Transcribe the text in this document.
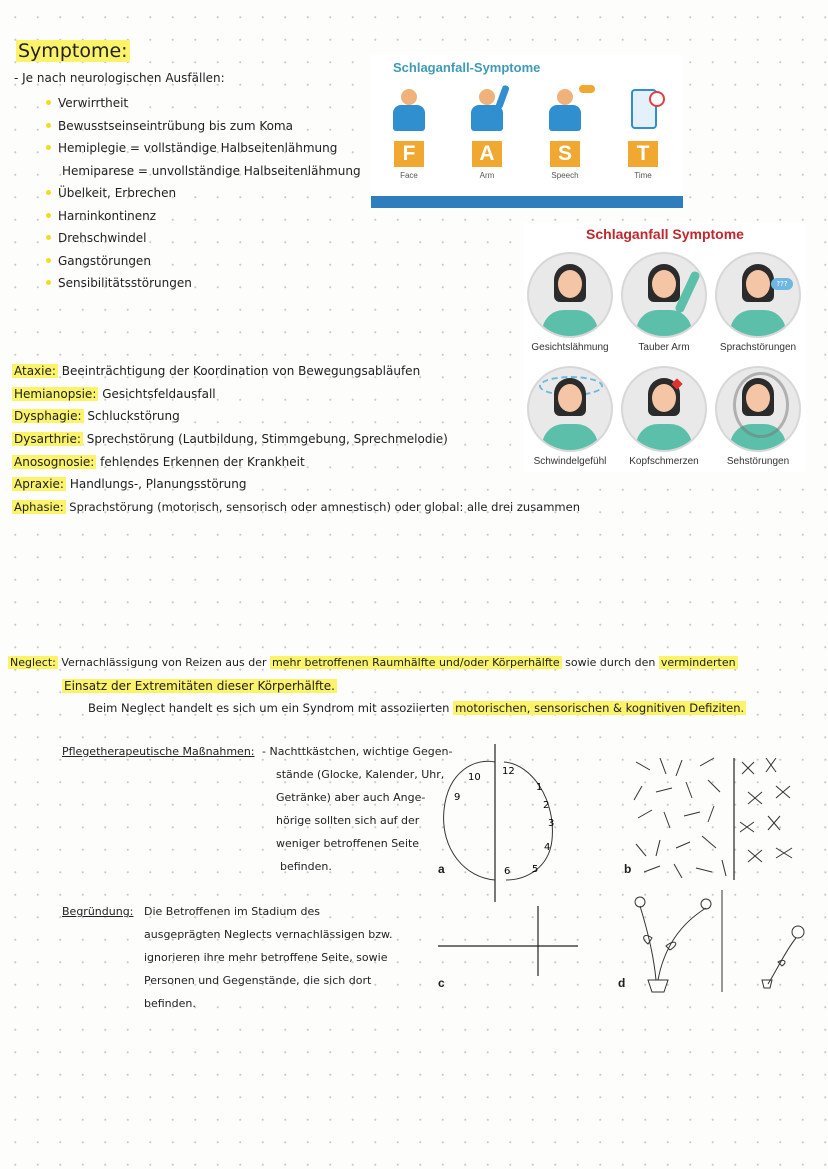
Symptome:
- Je nach neurologischen Ausfällen:
Verwirrtheit
Bewusstseinseintrübung bis zum Koma
Hemiplegie = vollständige Halbseitenlähmung
Hemiparese = unvollständige Halbseitenlähmung
Übelkeit, Erbrechen
Harninkontinenz
Drehschwindel
Gangstörungen
Sensibilitätsstörungen
Schlaganfall-Symptome
F
Face
A
Arm
S
Speech
T
Time
Schlaganfall Symptome
Gesichtslähmung	Tauber Arm
???
Sprachstörungen
Schwindelgefühl	Kopfschmerzen	Sehstörungen
Ataxie: Beeinträchtigung der Koordination von Bewegungsabläufen
Hemianopsie: Gesichtsfeldausfall
Dysphagie: Schluckstörung
Dysarthrie: Sprechstörung (Lautbildung, Stimmgebung, Sprechmelodie)
Anosognosie: fehlendes Erkennen der Krankheit
Apraxie: Handlungs-, Planungsstörung
Aphasie: Sprachstörung (motorisch, sensorisch oder amnestisch) oder global: alle drei zusammen
Neglect: Vernachlässigung von Reizen aus der mehr betroffenen Raumhälfte und/oder Körperhälfte sowie durch den verminderten
Einsatz der Extremitäten dieser Körperhälfte.
Beim Neglect handelt es sich um ein Syndrom mit assoziierten motorischen, sensorischen & kognitiven Defiziten.
Pflegetherapeutische Maßnahmen: - Nachttkästchen, wichtige Gegen-
stände (Glocke, Kalender, Uhr,
Getränke) aber auch Ange-
hörige sollten sich auf der
weniger betroffenen Seite
befinden.
Begründung: Die Betroffenen im Stadium des
ausgeprägten Neglects vernachlässigen bzw.
ignorieren ihre mehr betroffene Seite, sowie
Personen und Gegenstände, die sich dort
befinden.
10
12
9
1
2
3
4
6 5
a	b
c	d
